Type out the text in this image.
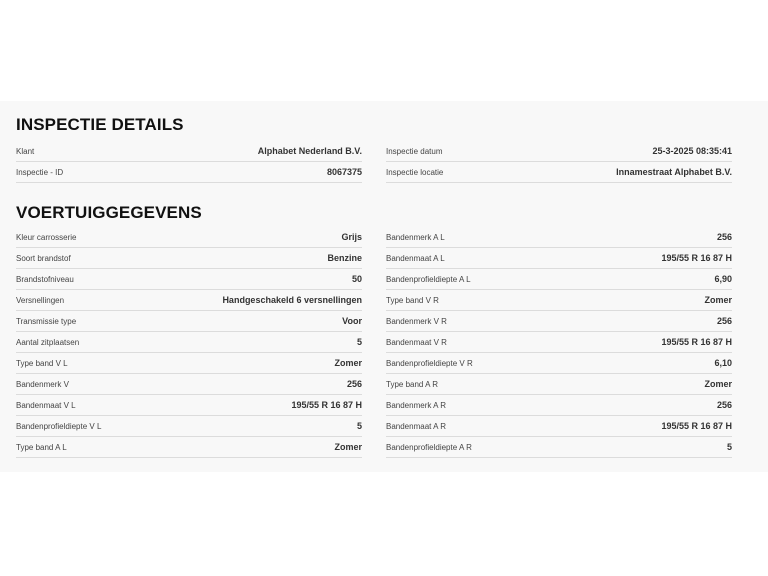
INSPECTIE DETAILS
Klant	Alphabet Nederland B.V.
Inspectie - ID	8067375
Inspectie datum	25-3-2025 08:35:41
Inspectie locatie	Innamestraat Alphabet B.V.
VOERTUIGGEGEVENS
Kleur carrosserie	Grijs
Soort brandstof	Benzine
Brandstofniveau	50
Versnellingen	Handgeschakeld 6 versnellingen
Transmissie type	Voor
Aantal zitplaatsen	5
Type band V L	Zomer
Bandenmerk V	256
Bandenmaat V L	195/55 R 16 87 H
Bandenprofieldiepte V L	5
Type band A L	Zomer
Bandenmerk A L	256
Bandenmaat A L	195/55 R 16 87 H
Bandenprofieldiepte A L	6,90
Type band V R	Zomer
Bandenmerk V R	256
Bandenmaat V R	195/55 R 16 87 H
Bandenprofieldiepte V R	6,10
Type band A R	Zomer
Bandenmerk A R	256
Bandenmaat A R	195/55 R 16 87 H
Bandenprofieldiepte A R	5
